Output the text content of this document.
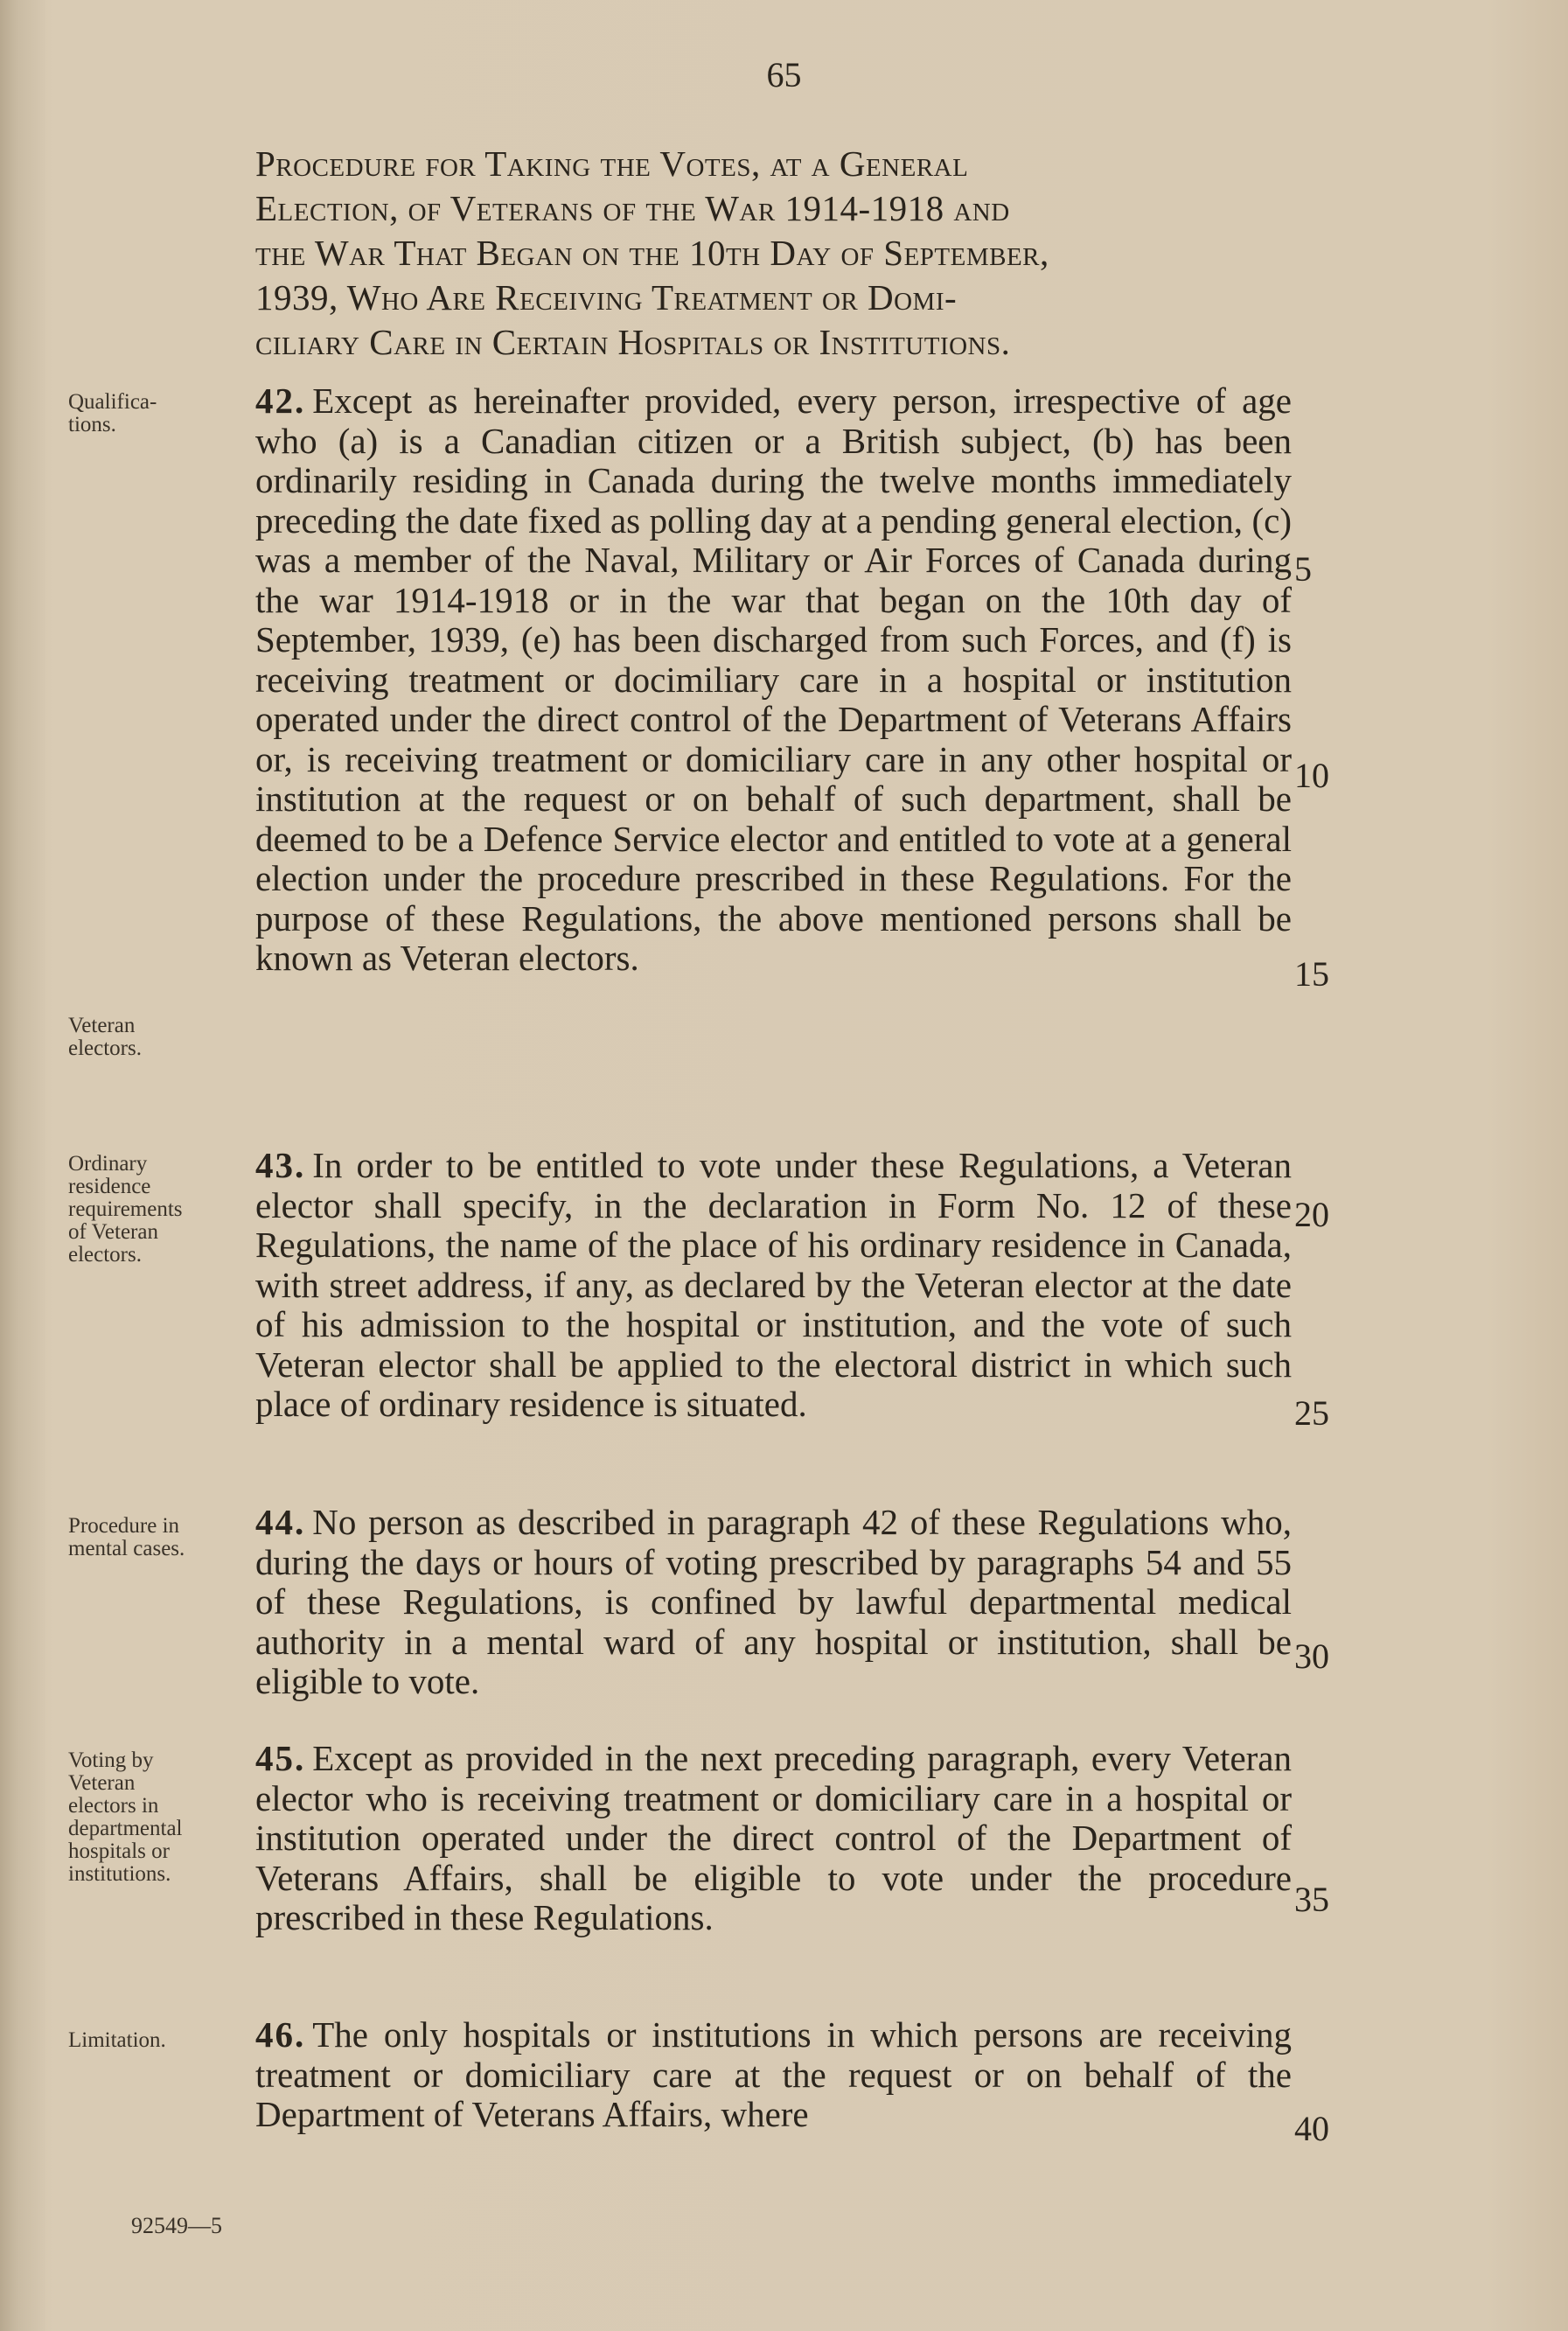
65
Procedure for Taking the Votes, at a General
Election, of Veterans of the War 1914-1918 and
the War That Began on the 10th Day of September,
1939, Who Are Receiving Treatment or Domi-
ciliary Care in Certain Hospitals or Institutions.
Qualifica-
tions.
42. Except as hereinafter provided, every person, irrespective of age who (a) is a Canadian citizen or a British subject, (b) has been ordinarily residing in Canada during the twelve months immediately preceding the date fixed as polling day at a pending general election, (c) was a member of the Naval, Military or Air Forces of Canada during the war 1914-1918 or in the war that began on the 10th day of September, 1939, (e) has been discharged from such Forces, and (f) is receiving treatment or docimiliary care in a hospital or institution operated under the direct control of the Department of Veterans Affairs or, is receiving treatment or domiciliary care in any other hospital or institution at the request or on behalf of such department, shall be deemed to be a Defence Service elector and entitled to vote at a general election under the procedure prescribed in these Regulations. For the purpose of these Regulations, the above mentioned persons shall be known as Veteran electors.
Veteran
electors.
Ordinary
residence
requirements
of Veteran
electors.
43. In order to be entitled to vote under these Regulations, a Veteran elector shall specify, in the declaration in Form No. 12 of these Regulations, the name of the place of his ordinary residence in Canada, with street address, if any, as declared by the Veteran elector at the date of his admission to the hospital or institution, and the vote of such Veteran elector shall be applied to the electoral district in which such place of ordinary residence is situated.
Procedure in
mental cases.
44. No person as described in paragraph 42 of these Regulations who, during the days or hours of voting prescribed by paragraphs 54 and 55 of these Regulations, is confined by lawful departmental medical authority in a mental ward of any hospital or institution, shall be eligible to vote.
Voting by
Veteran
electors in
departmental
hospitals or
institutions.
45. Except as provided in the next preceding paragraph, every Veteran elector who is receiving treatment or domiciliary care in a hospital or institution operated under the direct control of the Department of Veterans Affairs, shall be eligible to vote under the procedure prescribed in these Regulations.
Limitation.	46. The only hospitals or institutions in which persons are receiving treatment or domiciliary care at the request or on behalf of the Department of Veterans Affairs, where
5
10
15
20
25
30
35
40
92549—5
